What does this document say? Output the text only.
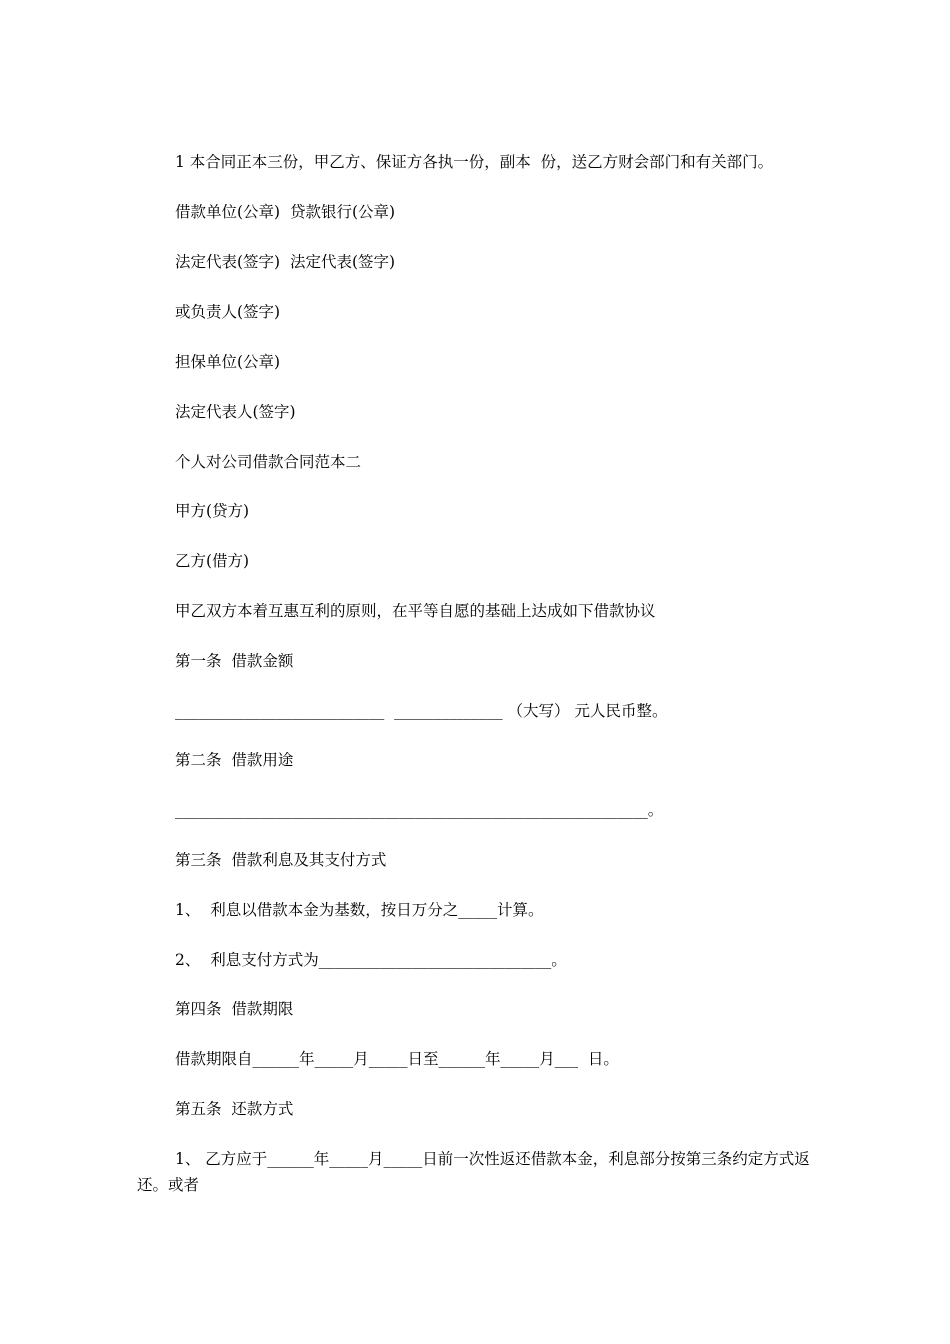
1 本合同正本三份，甲乙方、保证方各执一份，副本  份，送乙方财会部门和有关部门。
借款单位(公章)  贷款银行(公章)
法定代表(签字)  法定代表(签字)
或负责人(签字)
担保单位(公章)
法定代表人(签字)
个人对公司借款合同范本二
甲方(贷方)
乙方(借方)
甲乙双方本着互惠互利的原则，在平等自愿的基础上达成如下借款协议
第一条  借款金额
___________________________  ______________ （大写） 元人民币整。
第二条  借款用途
_____________________________________________________________。
第三条  借款利息及其支付方式
1、  利息以借款本金为基数，按日万分之_____计算。
2、  利息支付方式为______________________________。
第四条  借款期限
借款期限自______年_____月_____日至______年_____月___  日。
第五条  还款方式
1、 乙方应于______年_____月_____日前一次性返还借款本金，利息部分按第三条约定方式返还。或者
